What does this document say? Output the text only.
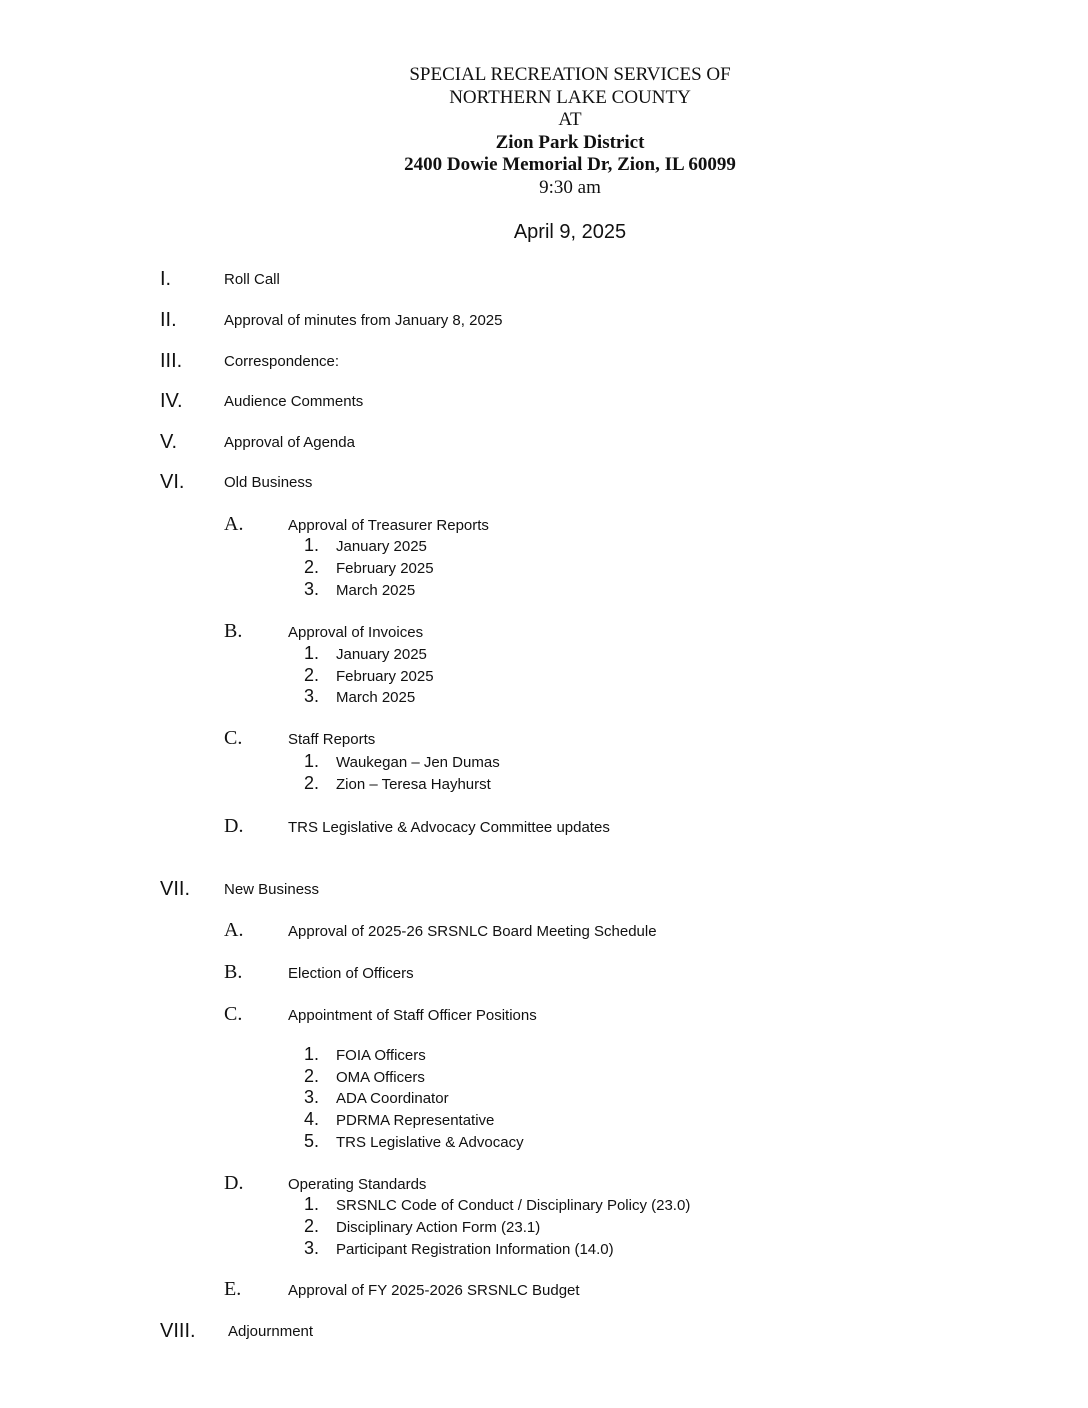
SPECIAL RECREATION SERVICES OF
NORTHERN LAKE COUNTY
AT
Zion Park District
2400 Dowie Memorial Dr, Zion, IL 60099
9:30 am
April 9, 2025
I.	Roll Call
II.	Approval of minutes from January 8, 2025
III.	Correspondence:
IV.	Audience Comments
V.	Approval of Agenda
VI.	Old Business
A.	Approval of Treasurer Reports
1. January 2025
2. February 2025
3. March 2025
B.	Approval of Invoices
1. January 2025
2. February 2025
3. March 2025
C.	Staff Reports
1. Waukegan – Jen Dumas
2. Zion – Teresa Hayhurst
D.	TRS Legislative & Advocacy Committee updates
VII. New Business
A.	Approval of 2025-26 SRSNLC Board Meeting Schedule
B.	Election of Officers
C.	Appointment of Staff Officer Positions
1. FOIA Officers
2. OMA Officers
3. ADA Coordinator
4. PDRMA Representative
5. TRS Legislative & Advocacy
D.	Operating Standards
1. SRSNLC Code of Conduct / Disciplinary Policy (23.0)
2. Disciplinary Action Form (23.1)
3. Participant Registration Information (14.0)
E.	Approval of FY 2025-2026 SRSNLC Budget
VIII. Adjournment
